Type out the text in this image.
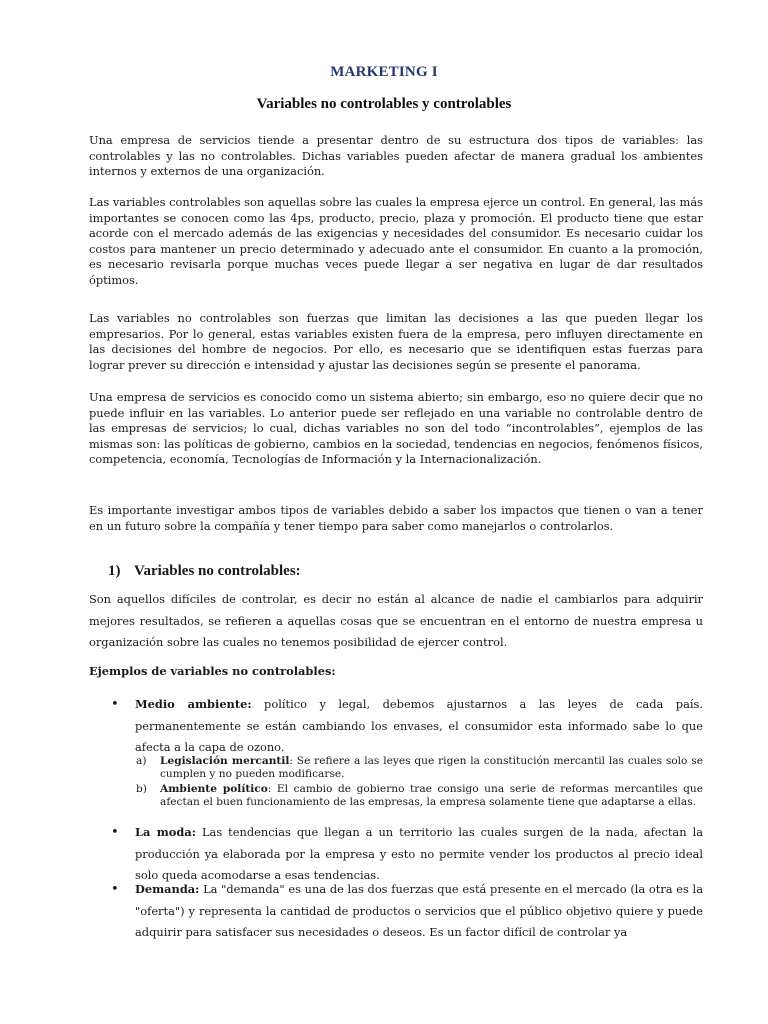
MARKETING I
Variables no controlables y controlables

Una empresa de servicios tiende a presentar dentro de su estructura dos tipos de variables: las controlables y las no controlables. Dichas variables pueden afectar de manera gradual los ambientes internos y externos de una organización.

Las variables controlables son aquellas sobre las cuales la empresa ejerce un control. En general, las más importantes se conocen como las 4ps, producto, precio, plaza y promoción. El producto tiene que estar acorde con el mercado además de las exigencias y necesidades del consumidor. Es necesario cuidar los costos para mantener un precio determinado y adecuado ante el consumidor. En cuanto a la promoción, es necesario revisarla porque muchas veces puede llegar a ser negativa en lugar de dar resultados óptimos.

Las variables no controlables son fuerzas que limitan las decisiones a las que pueden llegar los empresarios. Por lo general, estas variables existen fuera de la empresa, pero influyen directamente en las decisiones del hombre de negocios. Por ello, es necesario que se identifiquen estas fuerzas para lograr prever su dirección e intensidad y ajustar las decisiones según se presente el panorama.

Una empresa de servicios es conocido como un sistema abierto; sin embargo, eso no quiere decir que no puede influir en las variables. Lo anterior puede ser reflejado en una variable no controlable dentro de las empresas de servicios; lo cual, dichas variables no son del todo “incontrolables”, ejemplos de las mismas son: las políticas de gobierno, cambios en la sociedad, tendencias en negocios, fenómenos físicos, competencia, economía, Tecnologías de Información y la Internacionalización.

Es importante investigar ambos tipos de variables debido a saber los impactos que tienen o van a tener en un futuro sobre la compañía y tener tiempo para saber como manejarlos o controlarlos.

1) Variables no controlables:

Son aquellos difíciles de controlar, es decir no están al alcance de nadie el cambiarlos para adquirir mejores resultados, se refieren a aquellas cosas que se encuentran en el entorno de nuestra empresa u organización sobre las cuales no tenemos posibilidad de ejercer control.

Ejemplos de variables no controlables:

• Medio ambiente: político y legal, debemos ajustarnos a las leyes de cada país. permanentemente se están cambiando los envases, el consumidor esta informado sabe lo que afecta a la capa de ozono.

a) Legislación mercantil: Se refiere a las leyes que rigen la constitución mercantil las cuales solo se cumplen y no pueden modificarse.

b) Ambiente político: El cambio de gobierno trae consigo una serie de reformas mercantiles que afectan el buen funcionamiento de las empresas, la empresa solamente tiene que adaptarse a ellas.

• La moda: Las tendencias que llegan a un territorio las cuales surgen de la nada, afectan la producción ya elaborada por la empresa y esto no permite vender los productos al precio ideal solo queda acomodarse a esas tendencias.

• Demanda: La "demanda" es una de las dos fuerzas que está presente en el mercado (la otra es la "oferta") y representa la cantidad de productos o servicios que el público objetivo quiere y puede adquirir para satisfacer sus necesidades o deseos. Es un factor difícil de controlar ya
